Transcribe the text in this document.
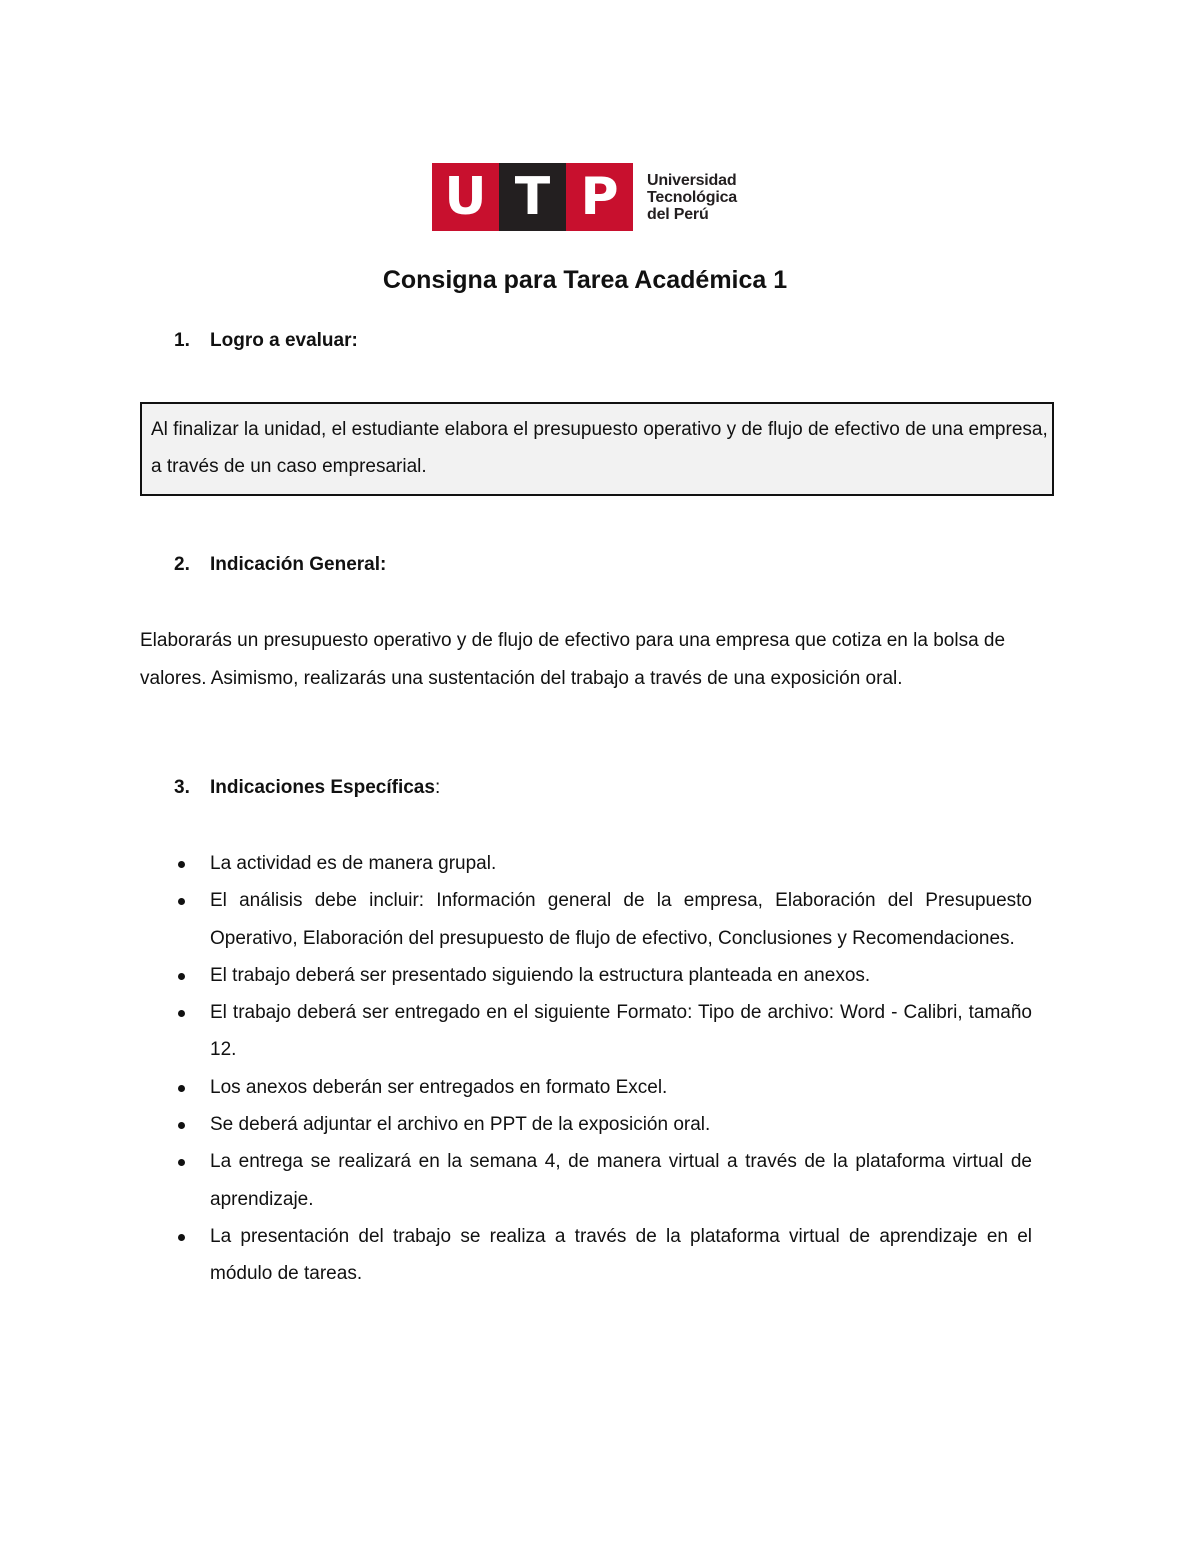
U T P	Universidad
Tecnológica
del Perú
Consigna para Tarea Académica 1
1. Logro a evaluar:
Al finalizar la unidad, el estudiante elabora el presupuesto operativo y de flujo de efectivo de una empresa, a través de un caso empresarial.
2. Indicación General:
Elaborarás un presupuesto operativo y de flujo de efectivo para una empresa que cotiza en la bolsa de valores. Asimismo, realizarás una sustentación del trabajo a través de una exposición oral.
3. Indicaciones Específicas:
La actividad es de manera grupal.
El análisis debe incluir: Información general de la empresa, Elaboración del Presupuesto Operativo, Elaboración del presupuesto de flujo de efectivo, Conclusiones y Recomendaciones.
El trabajo deberá ser presentado siguiendo la estructura planteada en anexos.
El trabajo deberá ser entregado en el siguiente Formato: Tipo de archivo: Word - Calibri, tamaño 12.
Los anexos deberán ser entregados en formato Excel.
Se deberá adjuntar el archivo en PPT de la exposición oral.
La entrega se realizará en la semana 4, de manera virtual a través de la plataforma virtual de aprendizaje.
La presentación del trabajo se realiza a través de la plataforma virtual de aprendizaje en el módulo de tareas.
